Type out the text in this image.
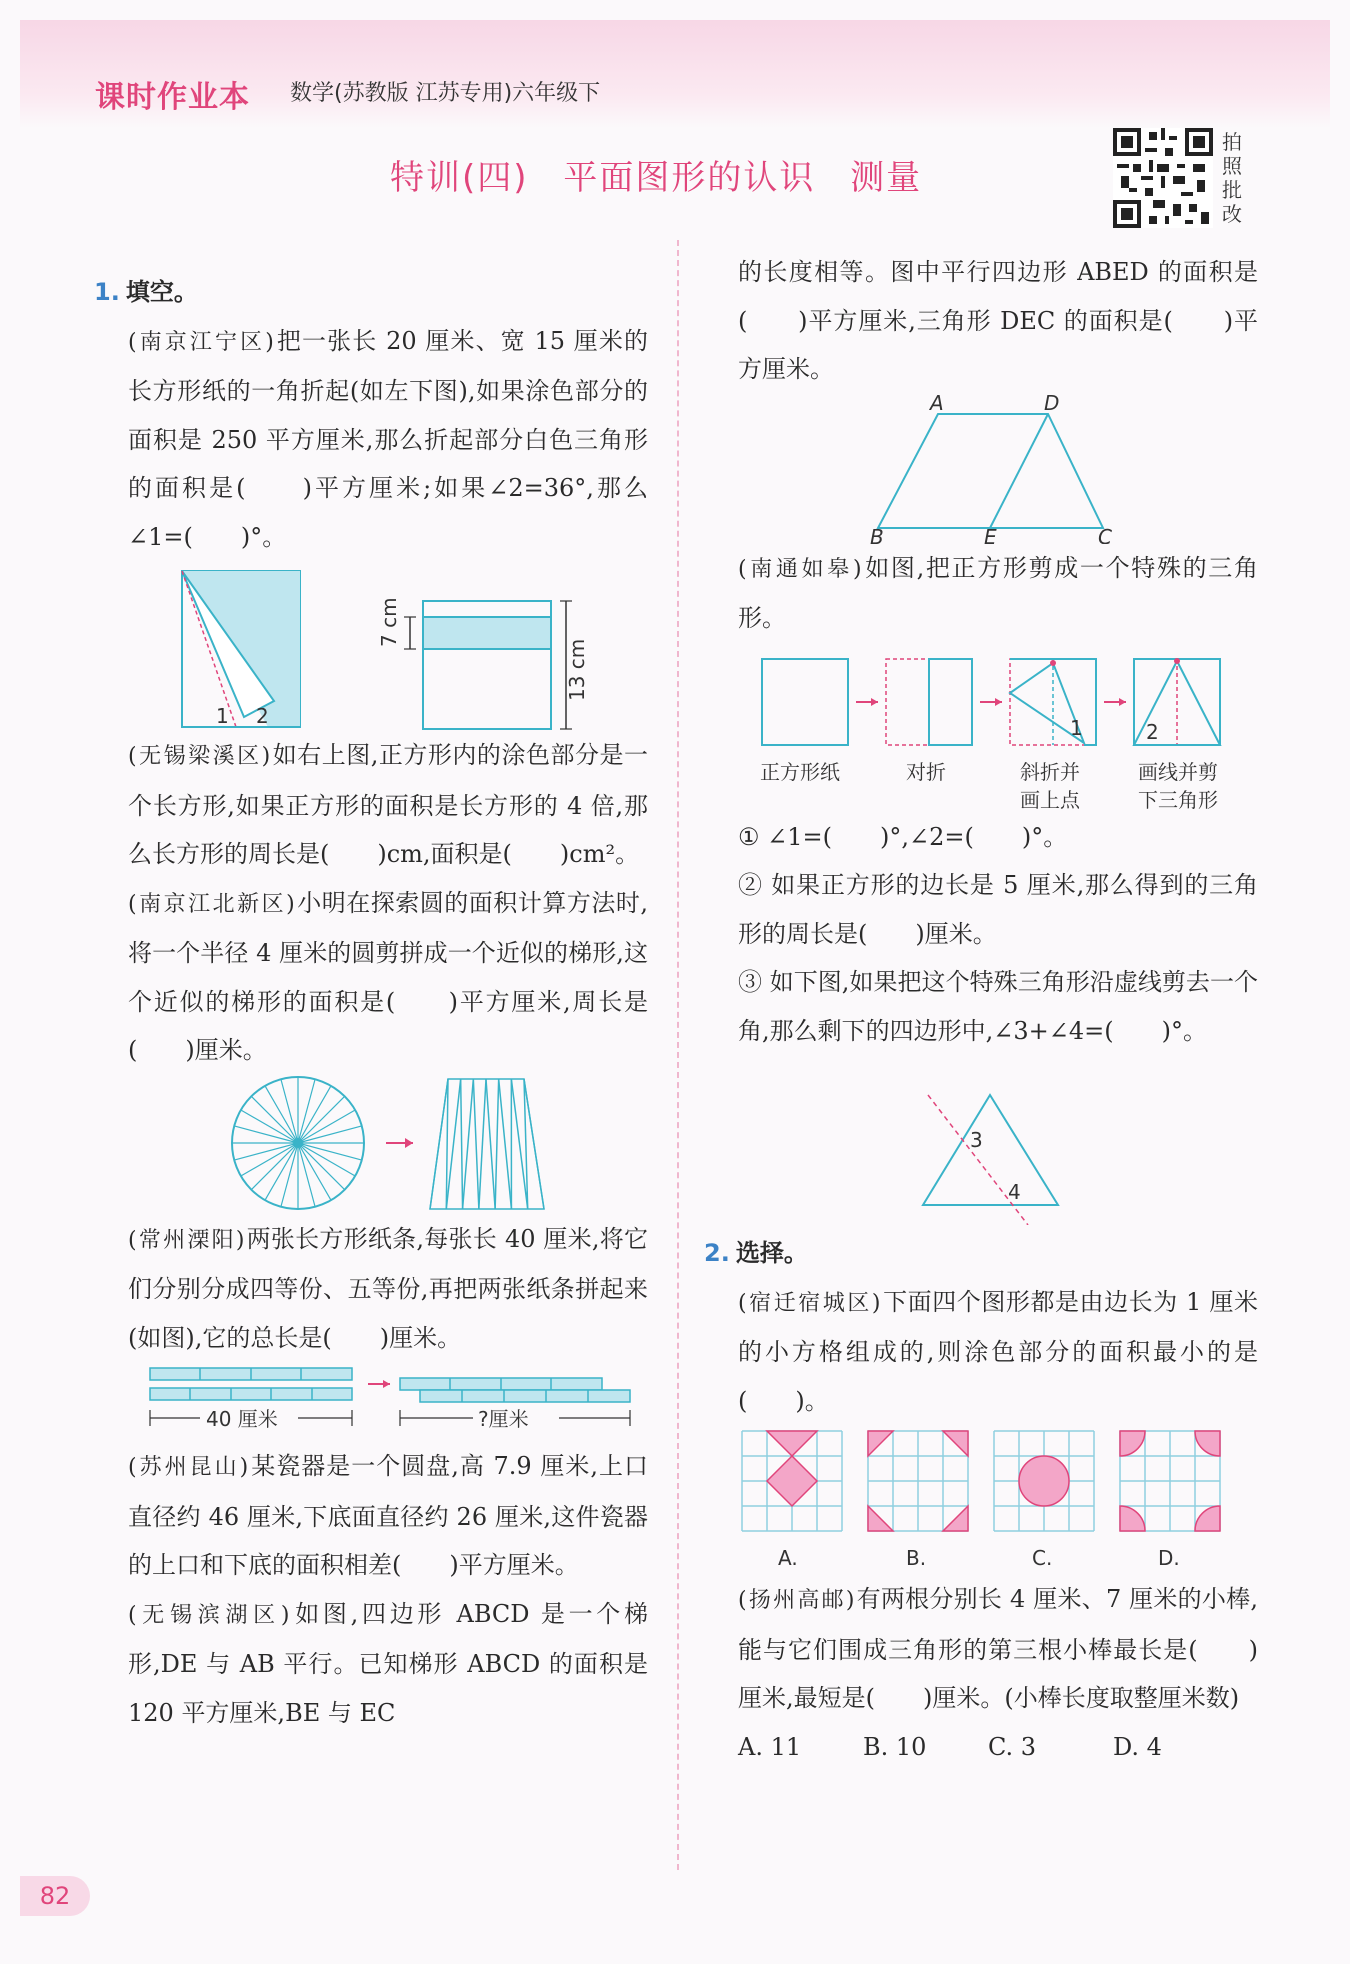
课时作业本 数学(苏教版 江苏专用)六年级下
特训(四) 平面图形的认识 测量
拍照批改
1. 填空。

(南京江宁区)把一张长 20 厘米、宽 15 厘米的长方形纸的一角折起(如左下图),如果涂色部分的面积是 250 平方厘米,那么折起部分白色三角形的面积是(　　)平方厘米;如果∠2=36°,那么∠1=(　　)°。

1 2
7 cm
13 cm

(无锡梁溪区)如右上图,正方形内的涂色部分是一个长方形,如果正方形的面积是长方形的 4 倍,那么长方形的周长是(　　)cm,面积是(　　)cm²。

(南京江北新区)小明在探索圆的面积计算方法时,将一个半径 4 厘米的圆剪拼成一个近似的梯形,这个近似的梯形的面积是(　　)平方厘米,周长是(　　)厘米。

(常州溧阳)两张长方形纸条,每张长 40 厘米,将它们分别分成四等份、五等份,再把两张纸条拼起来(如图),它的总长是(　　)厘米。

40 厘米	?厘米

(苏州昆山)某瓷器是一个圆盘,高 7.9 厘米,上口直径约 46 厘米,下底面直径约 26 厘米,这件瓷器的上口和下底的面积相差(　　)平方厘米。

(无锡滨湖区)如图,四边形 ABCD 是一个梯形,DE 与 AB 平行。已知梯形 ABCD 的面积是 120 平方厘米,BE 与 EC

的长度相等。图中平行四边形 ABED 的面积是(　　)平方厘米,三角形 DEC 的面积是(　　)平方厘米。

A	D
B	E	C

(南通如皋)如图,把正方形剪成一个特殊的三角形。

1	2
正方形纸	对折	斜折并
画上点
画线并剪
下三角形

① ∠1=(　　)°,∠2=(　　)°。

② 如果正方形的边长是 5 厘米,那么得到的三角形的周长是(　　)厘米。

③ 如下图,如果把这个特殊三角形沿虚线剪去一个角,那么剩下的四边形中,∠3+∠4=(　　)°。

3
4
2. 选择。

(宿迁宿城区)下面四个图形都是由边长为 1 厘米的小方格组成的,则涂色部分的面积最小的是(　　)。

A.	B.	C.	D.

(扬州高邮)有两根分别长 4 厘米、7 厘米的小棒,能与它们围成三角形的第三根小棒最长是(　　)厘米,最短是(　　)厘米。(小棒长度取整厘米数)

A. 11	B. 10	C. 3	D. 4

82
